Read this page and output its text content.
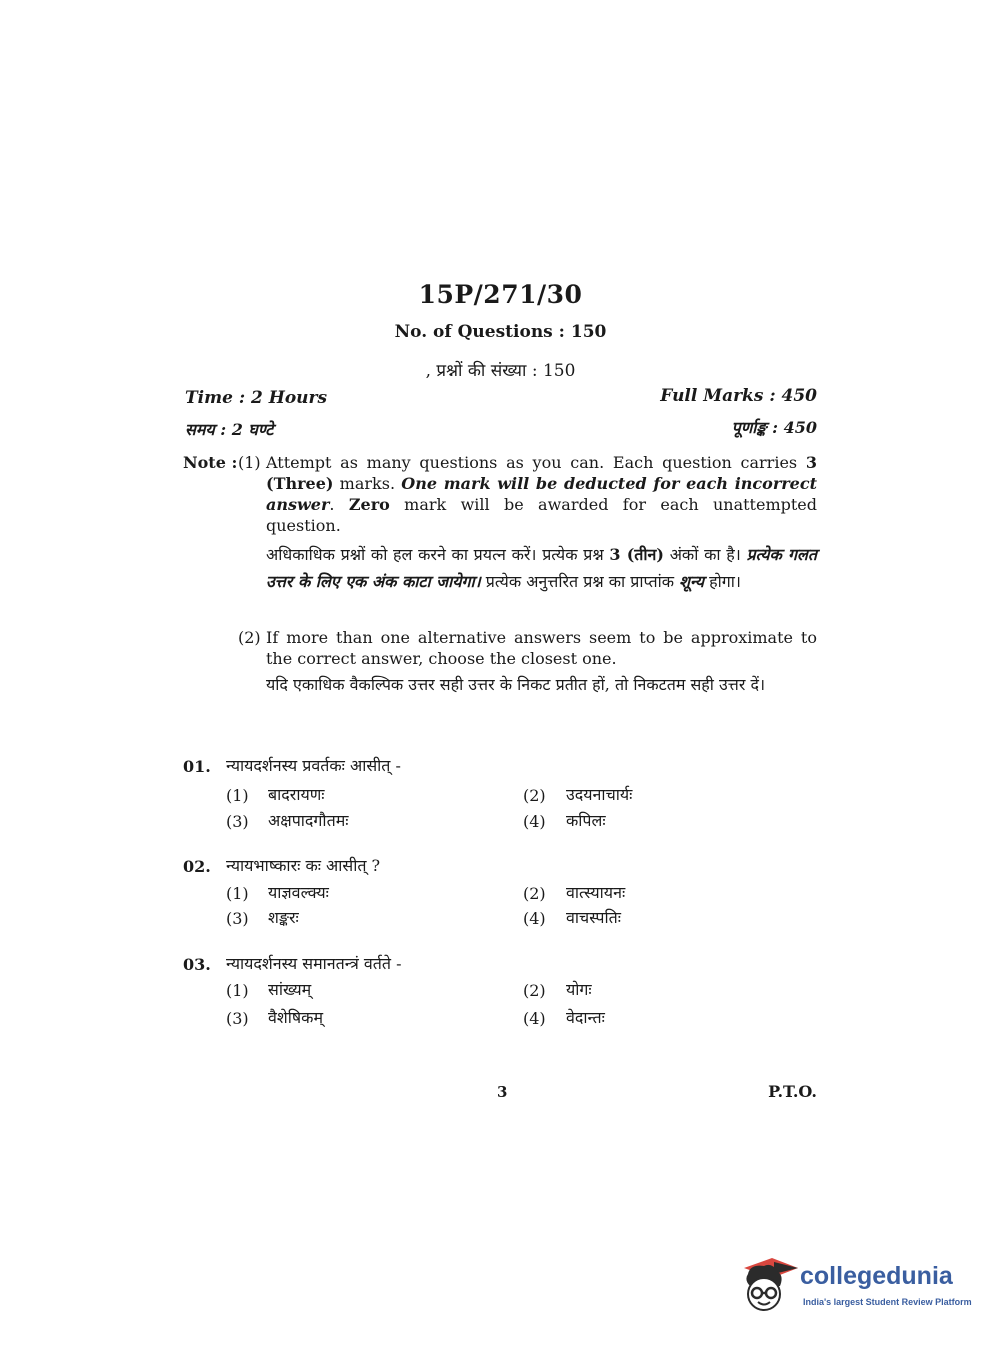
15P/271/30
No. of Questions : 150
, प्रश्नों की संख्या : 150
Time : 2 Hours	Full Marks : 450
समय : 2 घण्टे	पूर्णाङ्क : 450
Note : (1) Attempt as many questions as you can. Each question carries 3 (Three) marks. One mark will be deducted for each incorrect answer. Zero mark will be awarded for each unattempted question.
अधिकाधिक प्रश्नों को हल करने का प्रयत्न करें। प्रत्येक प्रश्न 3 (तीन) अंकों का है। प्रत्येक गलत उत्तर के लिए एक अंक काटा जायेगा। प्रत्येक अनुत्तरित प्रश्न का प्राप्तांक शून्य होगा।
(2) If more than one alternative answers seem to be approximate to the correct answer, choose the closest one.
यदि एकाधिक वैकल्पिक उत्तर सही उत्तर के निकट प्रतीत हों, तो निकटतम सही उत्तर दें।
01. न्यायदर्शनस्य प्रवर्तकः आसीत् -
(1) बादरायणः	(2) उदयनाचार्यः
(3) अक्षपादगौतमः	(4) कपिलः
02. न्यायभाष्कारः कः आसीत् ?
(1) याज्ञवल्क्यः	(2) वात्स्यायनः
(3) शङ्करः	(4) वाचस्पतिः
03. न्यायदर्शनस्य समानतन्त्रं वर्तते -
(1) सांख्यम्	(2) योगः
(3) वैशेषिकम्	(4) वेदान्तः
3	P.T.O.
collegedunia
India's largest Student Review Platform
